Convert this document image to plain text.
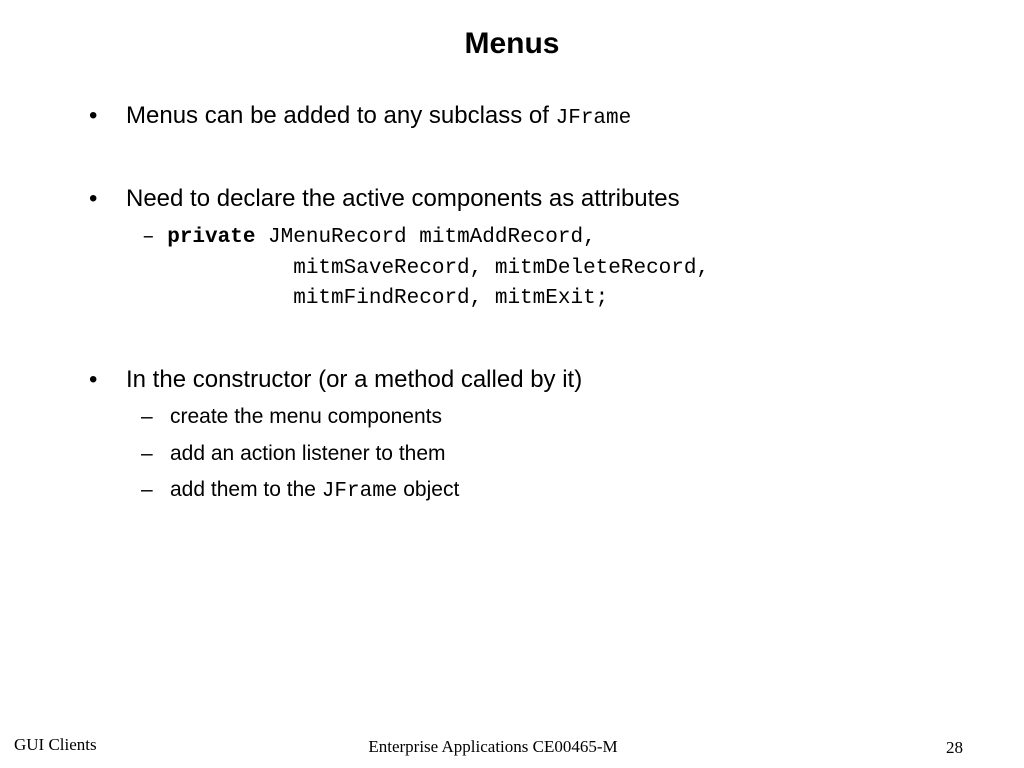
Menus
• Menus can be added to any subclass of JFrame
• Need to declare the active components as attributes
– private JMenuRecord mitmAddRecord,
mitmSaveRecord, mitmDeleteRecord,
mitmFindRecord, mitmExit;
• In the constructor (or a method called by it)
– create the menu components
– add an action listener to them
– add them to the JFrame object
GUI Clients	Enterprise Applications CE00465-M	28
